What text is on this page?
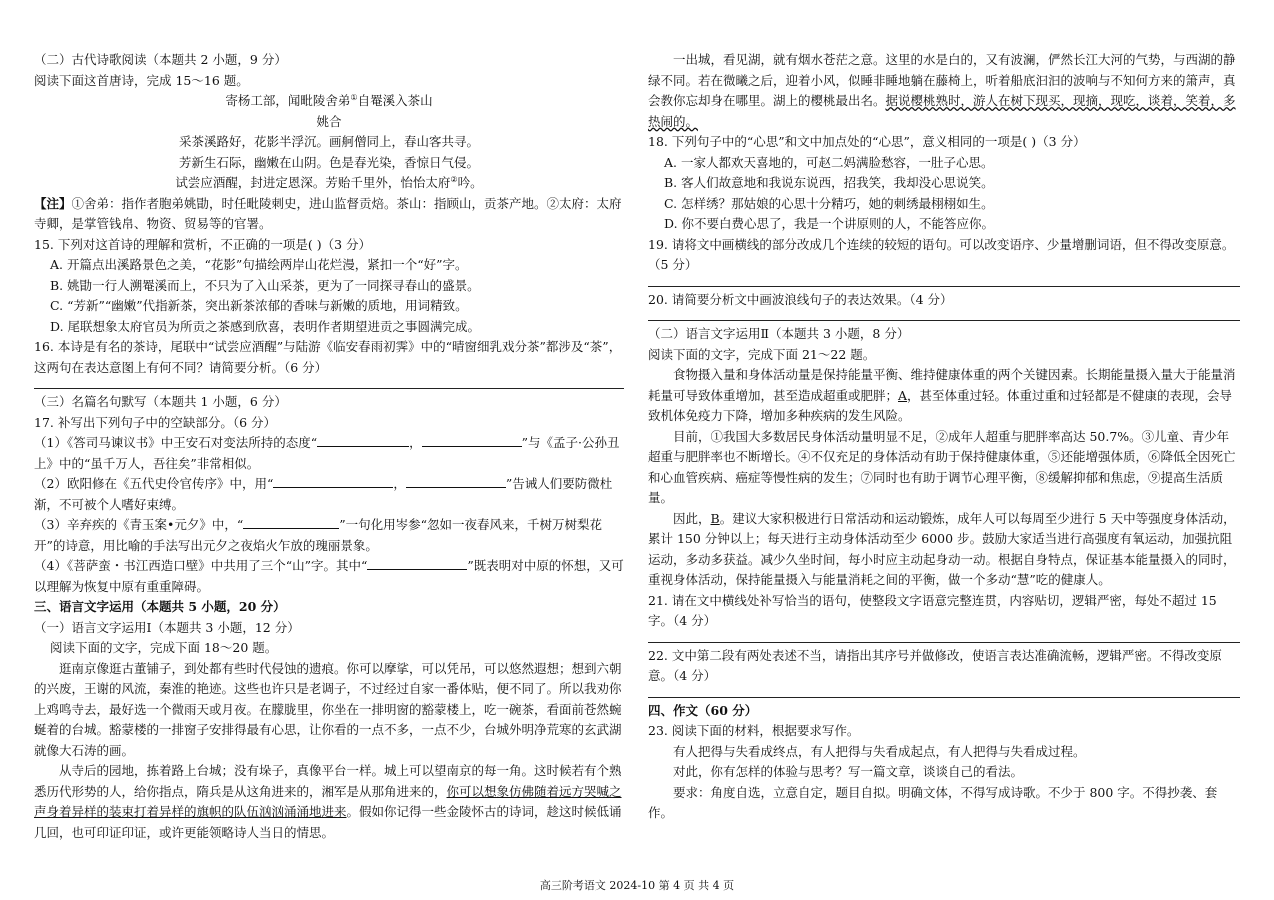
（二）古代诗歌阅读（本题共 2 小题，9 分）

阅读下面这首唐诗，完成 15～16 题。

寄杨工部，闻毗陵舍弟①自罨溪入茶山

姚合

采茶溪路好，花影半浮沉。画舸僧同上，春山客共寻。

芳新生石际，幽嫩在山阴。色是春光染，香惊日气侵。

试尝应酒醒，封进定恩深。芳贻千里外，怡怡太府②吟。

【注】①舍弟：指作者胞弟姚勖，时任毗陵刺史，进山监督贡焙。茶山：指顾山，贡茶产地。②太府：太府寺卿，是掌管钱帛、物资、贸易等的官署。

15. 下列对这首诗的理解和赏析，不正确的一项是( )（3 分）

A. 开篇点出溪路景色之美，“花影”句描绘两岸山花烂漫，紧扣一个“好”字。

B. 姚勖一行人溯罨溪而上，不只为了入山采茶，更为了一同探寻春山的盛景。

C. “芳新”“幽嫩”代指新茶，突出新茶浓郁的香味与新嫩的质地，用词精致。

D. 尾联想象太府官员为所贡之茶感到欣喜，表明作者期望进贡之事圆满完成。

16. 本诗是有名的茶诗，尾联中“试尝应酒醒”与陆游《临安春雨初霁》中的“晴窗细乳戏分茶”都涉及“茶”，这两句在表达意图上有何不同？请简要分析。（6 分）

（三）名篇名句默写（本题共 1 小题，6 分）

17. 补写出下列句子中的空缺部分。（6 分）

（1）《答司马谏议书》中王安石对变法所持的态度“	，	”与《孟子·公孙丑上》中的“虽千万人，吾往矣”非常相似。

（2）欧阳修在《五代史伶官传序》中，用“	，	”告诫人们要防微杜渐，不可被个人嗜好束缚。

（3）辛弃疾的《青玉案•元夕》中，“	”一句化用岑参“忽如一夜春风来，千树万树梨花开”的诗意，用比喻的手法写出元夕之夜焰火乍放的瑰丽景象。

（4）《菩萨蛮・书江西造口壁》中共用了三个“山”字。其中“	”既表明对中原的怀想，又可以理解为恢复中原有重重障碍。

三、语言文字运用（本题共 5 小题，20 分）

（一）语言文字运用Ⅰ（本题共 3 小题，12 分）

阅读下面的文字，完成下面 18～20 题。

逛南京像逛古董铺子，到处都有些时代侵蚀的遗痕。你可以摩挲，可以凭吊，可以悠然遐想；想到六朝的兴废，王谢的风流，秦淮的艳迹。这些也许只是老调子，不过经过自家一番体贴，便不同了。所以我劝你上鸡鸣寺去，最好选一个微雨天或月夜。在朦胧里，你坐在一排明窗的豁蒙楼上，吃一碗茶，看面前苍然蜿蜒着的台城。豁蒙楼的一排窗子安排得最有心思，让你看的一点不多，一点不少，台城外明净荒寒的玄武湖就像大石涛的画。

从寺后的园地，拣着路上台城；没有垛子，真像平台一样。城上可以望南京的每一角。这时候若有个熟悉历代形势的人，给你指点，隋兵是从这角进来的，湘军是从那角进来的，你可以想象仿佛随着远方哭喊之声身着异样的装束打着异样的旗帜的队伍汹汹涌涌地进来。假如你记得一些金陵怀古的诗词，趁这时候低诵几回，也可印证印证，或许更能领略诗人当日的情思。

一出城，看见湖，就有烟水苍茫之意。这里的水是白的，又有波澜，俨然长江大河的气势，与西湖的静绿不同。若在微曦之后，迎着小风，似睡非睡地躺在藤椅上，听着船底汩汩的波响与不知何方来的箫声，真会教你忘却身在哪里。湖上的樱桃最出名。据说樱桃熟时，游人在树下现买，现摘，现吃，谈着，笑着，多热闹的。

18. 下列句子中的“心思”和文中加点处的“心思”，意义相同的一项是( )（3 分）

A. 一家人都欢天喜地的，可赵二妈满脸愁容，一肚子心思。

B. 客人们故意地和我说东说西，招我笑，我却没心思说笑。

C. 怎样绣？那姑娘的心思十分精巧，她的刺绣最栩栩如生。

D. 你不要白费心思了，我是一个讲原则的人，不能答应你。

19. 请将文中画横线的部分改成几个连续的较短的语句。可以改变语序、少量增删词语，但不得改变原意。（5 分）

20. 请简要分析文中画波浪线句子的表达效果。（4 分）

（二）语言文字运用Ⅱ（本题共 3 小题，8 分）

阅读下面的文字，完成下面 21～22 题。

食物摄入量和身体活动量是保持能量平衡、维持健康体重的两个关键因素。长期能量摄入量大于能量消耗量可导致体重增加，甚至造成超重或肥胖；A，甚至体重过轻。体重过重和过轻都是不健康的表现，会导致机体免疫力下降，增加多种疾病的发生风险。

目前，①我国大多数居民身体活动量明显不足，②成年人超重与肥胖率高达 50.7%。③儿童、青少年超重与肥胖率也不断增长。④不仅充足的身体活动有助于保持健康体重，⑤还能增强体质，⑥降低全因死亡和心血管疾病、癌症等慢性病的发生；⑦同时也有助于调节心理平衡，⑧缓解抑郁和焦虑，⑨提高生活质量。

因此，B。建议大家积极进行日常活动和运动锻炼，成年人可以每周至少进行 5 天中等强度身体活动，累计 150 分钟以上；每天进行主动身体活动至少 6000 步。鼓励大家适当进行高强度有氧运动，加强抗阻运动，多动多获益。减少久坐时间，每小时应主动起身动一动。根据自身特点，保证基本能量摄入的同时，重视身体活动，保持能量摄入与能量消耗之间的平衡，做一个多动“慧”吃的健康人。

21. 请在文中横线处补写恰当的语句，使整段文字语意完整连贯，内容贴切，逻辑严密，每处不超过 15 字。（4 分）

22. 文中第二段有两处表述不当，请指出其序号并做修改，使语言表达准确流畅，逻辑严密。不得改变原意。（4 分）

四、作文（60 分）

23. 阅读下面的材料，根据要求写作。

有人把得与失看成终点，有人把得与失看成起点，有人把得与失看成过程。

对此，你有怎样的体验与思考？写一篇文章，谈谈自己的看法。

要求：角度自选，立意自定，题目自拟。明确文体，不得写成诗歌。不少于 800 字。不得抄袭、套作。

高三阶考语文 2024-10 第 4 页 共 4 页
